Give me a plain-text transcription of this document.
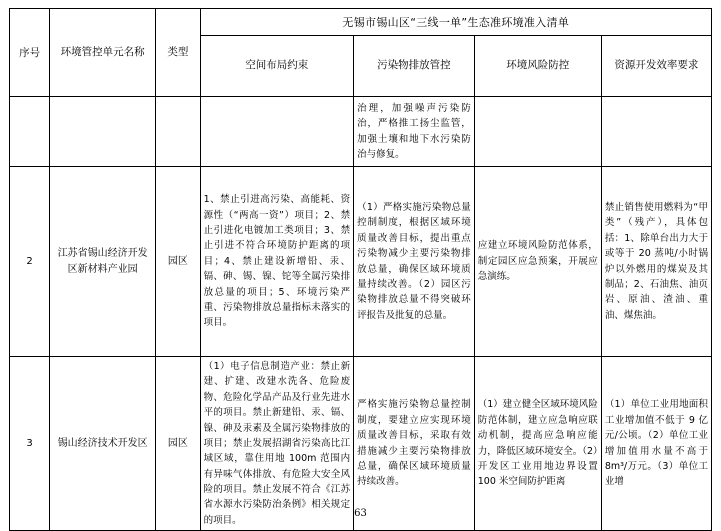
序号	环境管控单元名称	类型	无锡市锡山区“三线一单”生态准环境准入清单			
			空间布局约束	污染物排放管控	环境风险防控	资源开发效率要求
				治理，加强噪声污染防治，严格推工扬尘监管，加强土壤和地下水污染防治与修复。		
2	江苏省锡山经济开发区新材料产业园	园区	1、禁止引进高污染、高能耗、资源性（“两高一资”）项目；2、禁止引进化电镀加工类项目；3、禁止引进不符合环境防护距离的项目；4、禁止建设新增铅、汞、镉、砷、锡、镍、铊等全属污染排放总量的项目；5、环境污染严重、污染物排放总量指标未落实的项目。	（1）严格实施污染物总量控制制度，根据区域环境质量改善目标，提出重点污染物减少主要污染物排放总量，确保区域环境质量持续改善。（2）园区污染物排放总量不得突破环评报告及批复的总量。	应建立环境风险防范体系，制定园区应急预案，开展应急演练。	禁止销售使用燃料为“甲类”（残产），具体包括：1、除单台出力大于或等于 20 蒸吨/小时锅炉以外燃用的煤炭及其制品；2、石油焦、油页岩、原油、渣油、重油、煤焦油。
3	锡山经济技术开发区	园区	（1）电子信息制造产业：禁止新建、扩建、改建水洗各、危险废物、危险化学品产品及行业先进水平的项目。禁止新建铅、汞、镉、镍、砷及汞素及全属污染物排放的项目；禁止发展招湖省污染高比江域区域，靠住用地 100m 范围内有异味气体排放、有危险大安全风险的项目。禁止发展不符合《江苏省水源水污染防治条例》相关规定的项目。	严格实施污染物总量控制制度，要建立应实现环境质量改善目标，采取有效措施减少主要污染物排放总量，确保区域环境质量持续改善。	（1）建立健全区域环境风险防范体制，建立应急响应联动机制，提高应急响应能力，降低区域环境安全。（2）开发区工业用地边界设置 100 米空间防护距离	（1）单位工业用地面积工业增加值不低于 9 亿元/公顷。（2）单位工业增加值用水量不高于 8m³/万元。（3）单位工业增
63
